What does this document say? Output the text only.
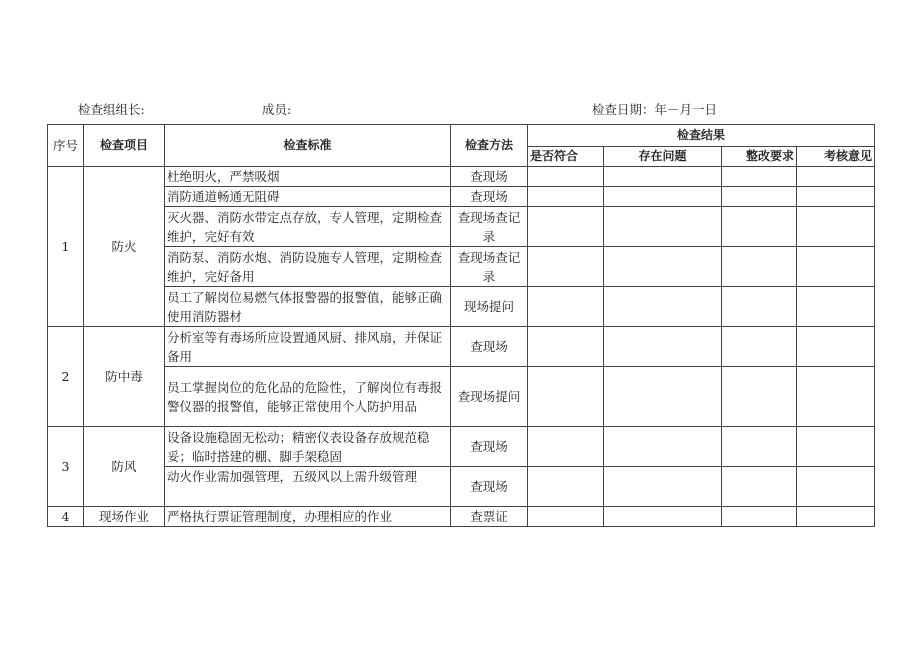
检查组组长:	成员:	检查日期：年－月一日
序号	检查项目	检查标准	检查方法	检查结果			
				是否符合	存在问题	整改要求	考核意见
1	防火	杜绝明火，严禁吸烟	查现场				
		消防通道畅通无阻碍	查现场				
		灭火器、消防水带定点存放，专人管理，定期检查维护，完好有效	查现场查记录				
		消防泵、消防水炮、消防设施专人管理，定期检查维护，完好备用	查现场查记录				
		员工了解岗位易燃气体报警器的报警值，能够正确使用消防器材	现场提问				
2	防中毒	分析室等有毒场所应设置通风厨、排风扇，并保证备用	查现场				
		员工掌握岗位的危化品的危险性，了解岗位有毒报警仪器的报警值，能够正常使用个人防护用品	查现场提问				
3	防风	设备设施稳固无松动；精密仪表设备存放规范稳妥；临时搭建的棚、脚手架稳固	查现场				
		动火作业需加强管理，五级风以上需升级管理	查现场				
4	现场作业	严格执行票证管理制度，办理相应的作业	查票证				
